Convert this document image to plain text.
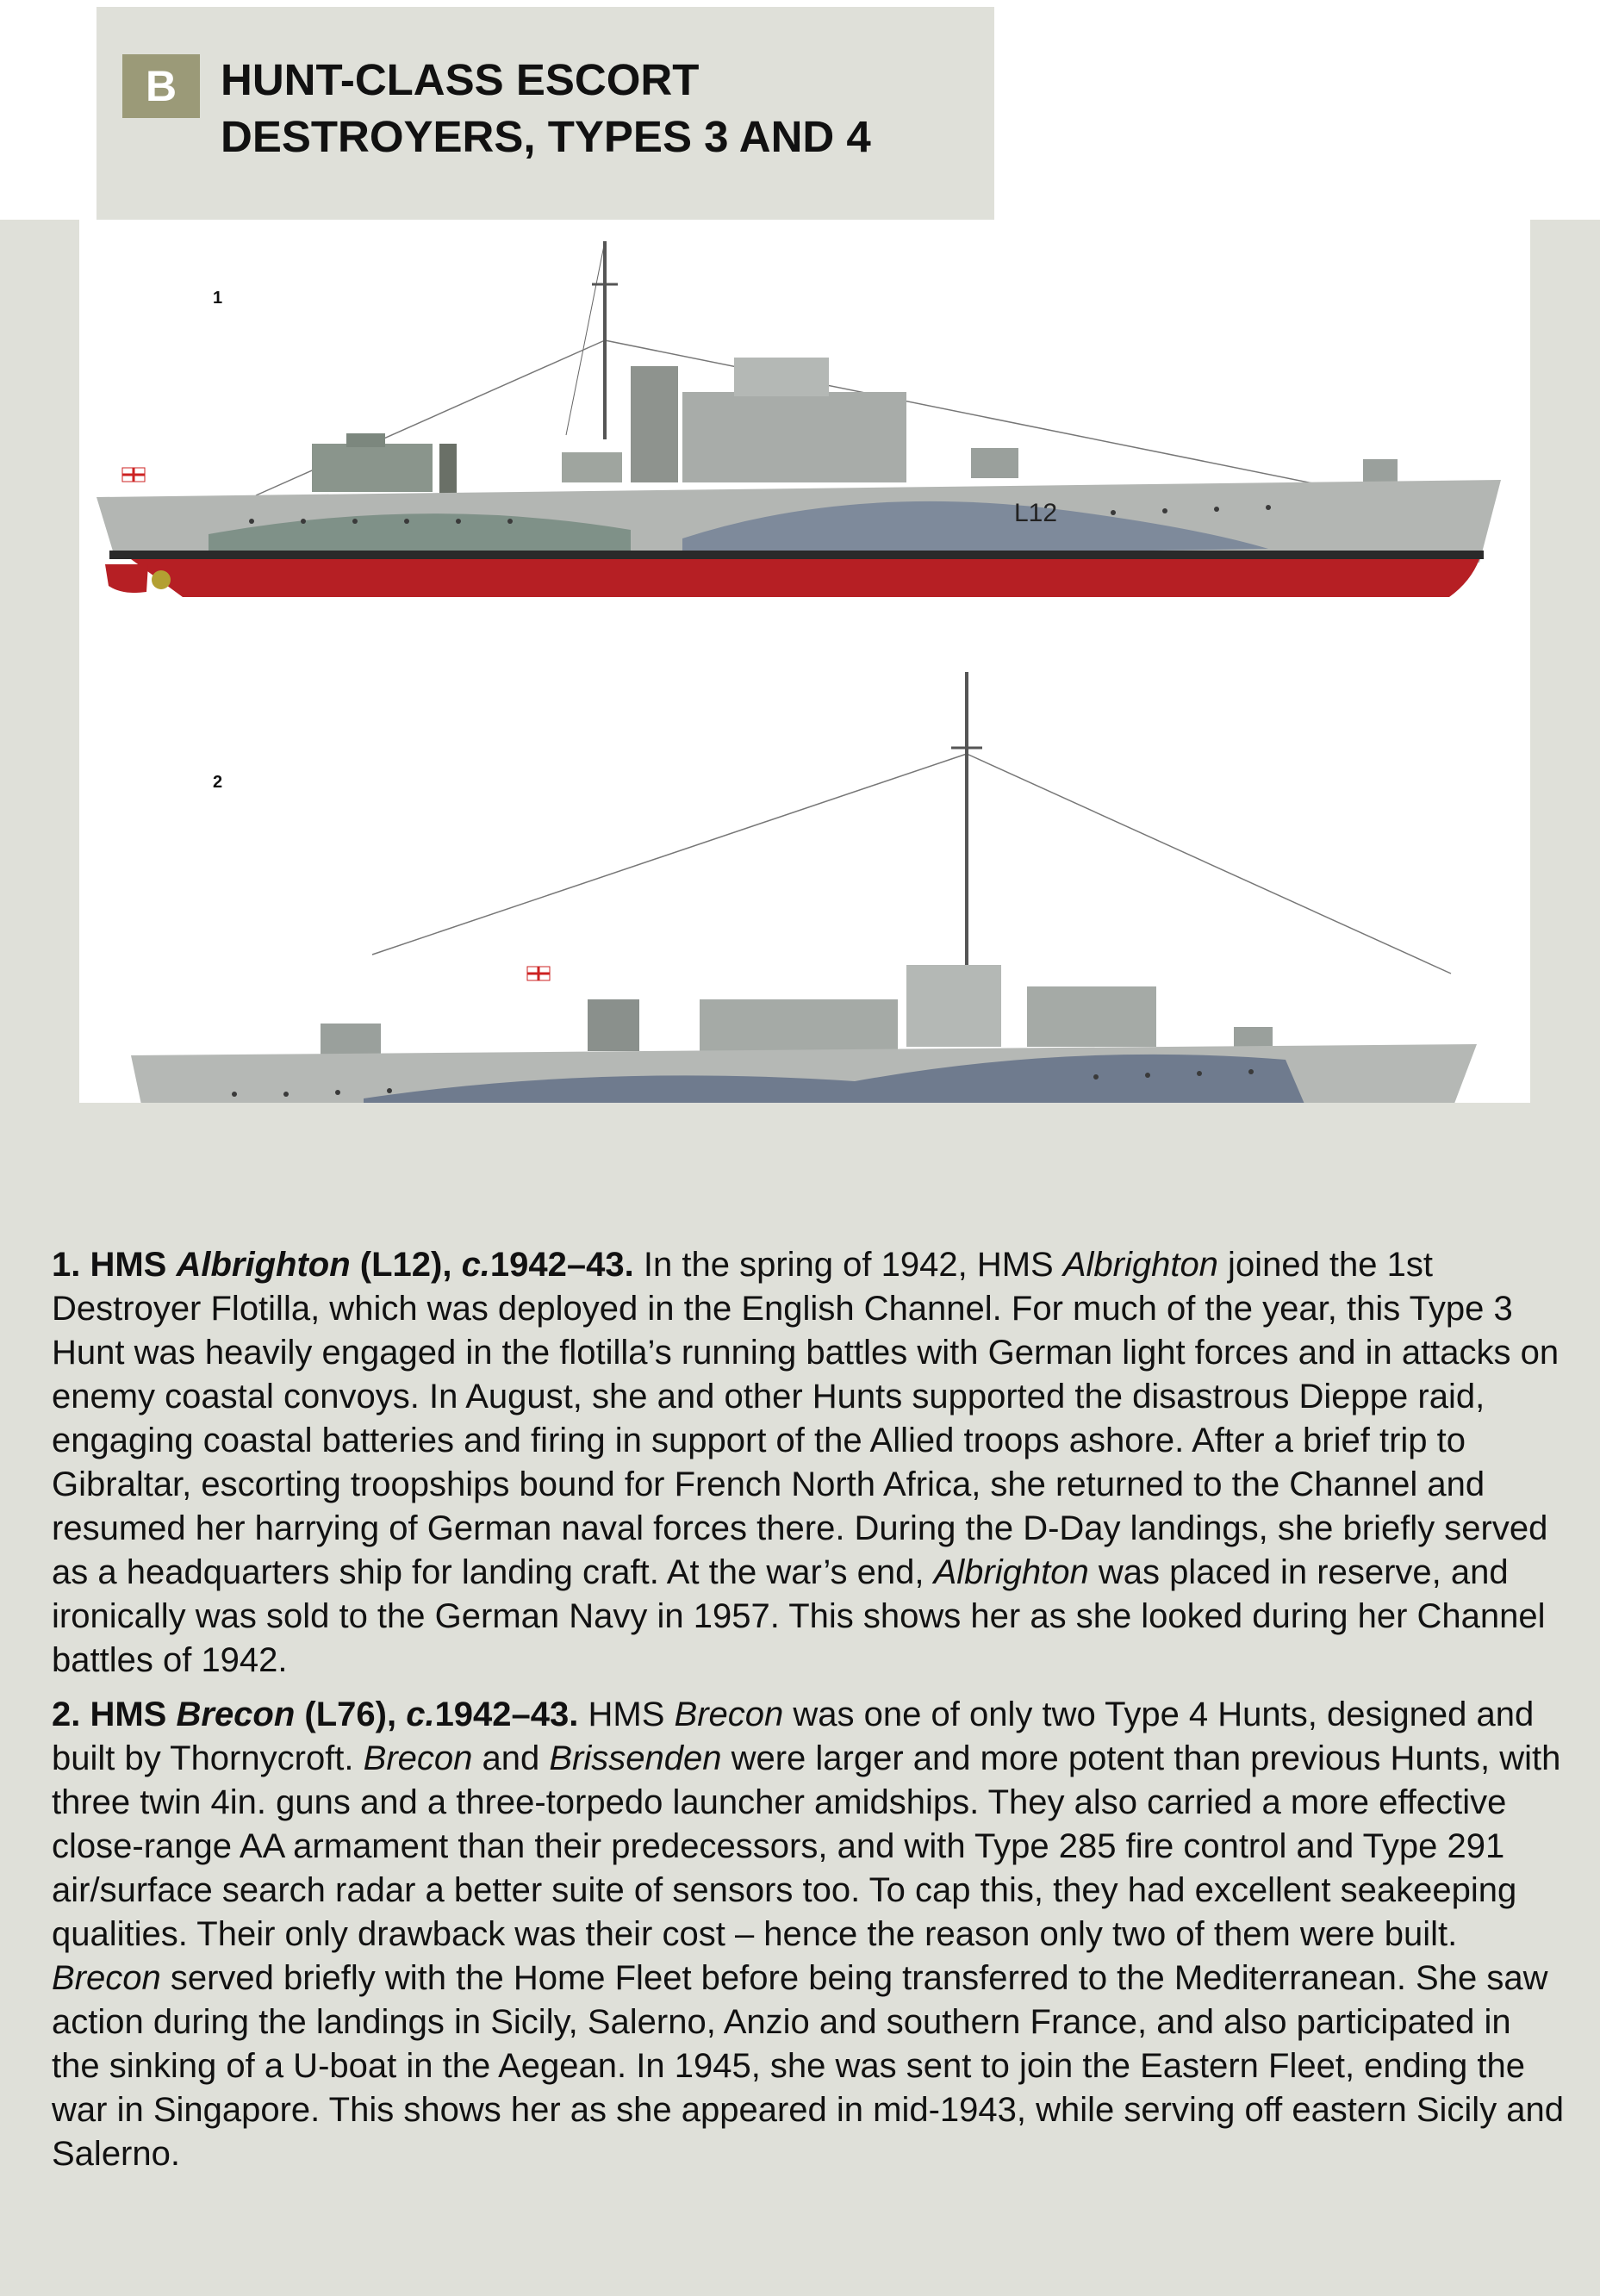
B HUNT-CLASS ESCORT
DESTROYERS, TYPES 3 AND 4
1
2
L12

1. HMS Albrighton (L12), c.1942–43. In the spring of 1942, HMS Albrighton joined the 1st Destroyer Flotilla, which was deployed in the English Channel. For much of the year, this Type 3 Hunt was heavily engaged in the flotilla’s running battles with German light forces and in attacks on enemy coastal convoys. In August, she and other Hunts supported the disastrous Dieppe raid, engaging coastal batteries and firing in support of the Allied troops ashore. After a brief trip to Gibraltar, escorting troopships bound for French North Africa, she returned to the Channel and resumed her harrying of German naval forces there. During the D-Day landings, she briefly served as a headquarters ship for landing craft. At the war’s end, Albrighton was placed in reserve, and ironically was sold to the German Navy in 1957. This shows her as she looked during her Channel battles of 1942.

2. HMS Brecon (L76), c.1942–43. HMS Brecon was one of only two Type 4 Hunts, designed and built by Thornycroft. Brecon and Brissenden were larger and more potent than previous Hunts, with three twin 4in. guns and a three-torpedo launcher amidships. They also carried a more effective close-range AA armament than their predecessors, and with Type 285 fire control and Type 291 air/surface search radar a better suite of sensors too. To cap this, they had excellent seakeeping qualities. Their only drawback was their cost – hence the reason only two of them were built. Brecon served briefly with the Home Fleet before being transferred to the Mediterranean. She saw action during the landings in Sicily, Salerno, Anzio and southern France, and also participated in the sinking of a U-boat in the Aegean. In 1945, she was sent to join the Eastern Fleet, ending the war in Singapore. This shows her as she appeared in mid-1943, while serving off eastern Sicily and Salerno.
